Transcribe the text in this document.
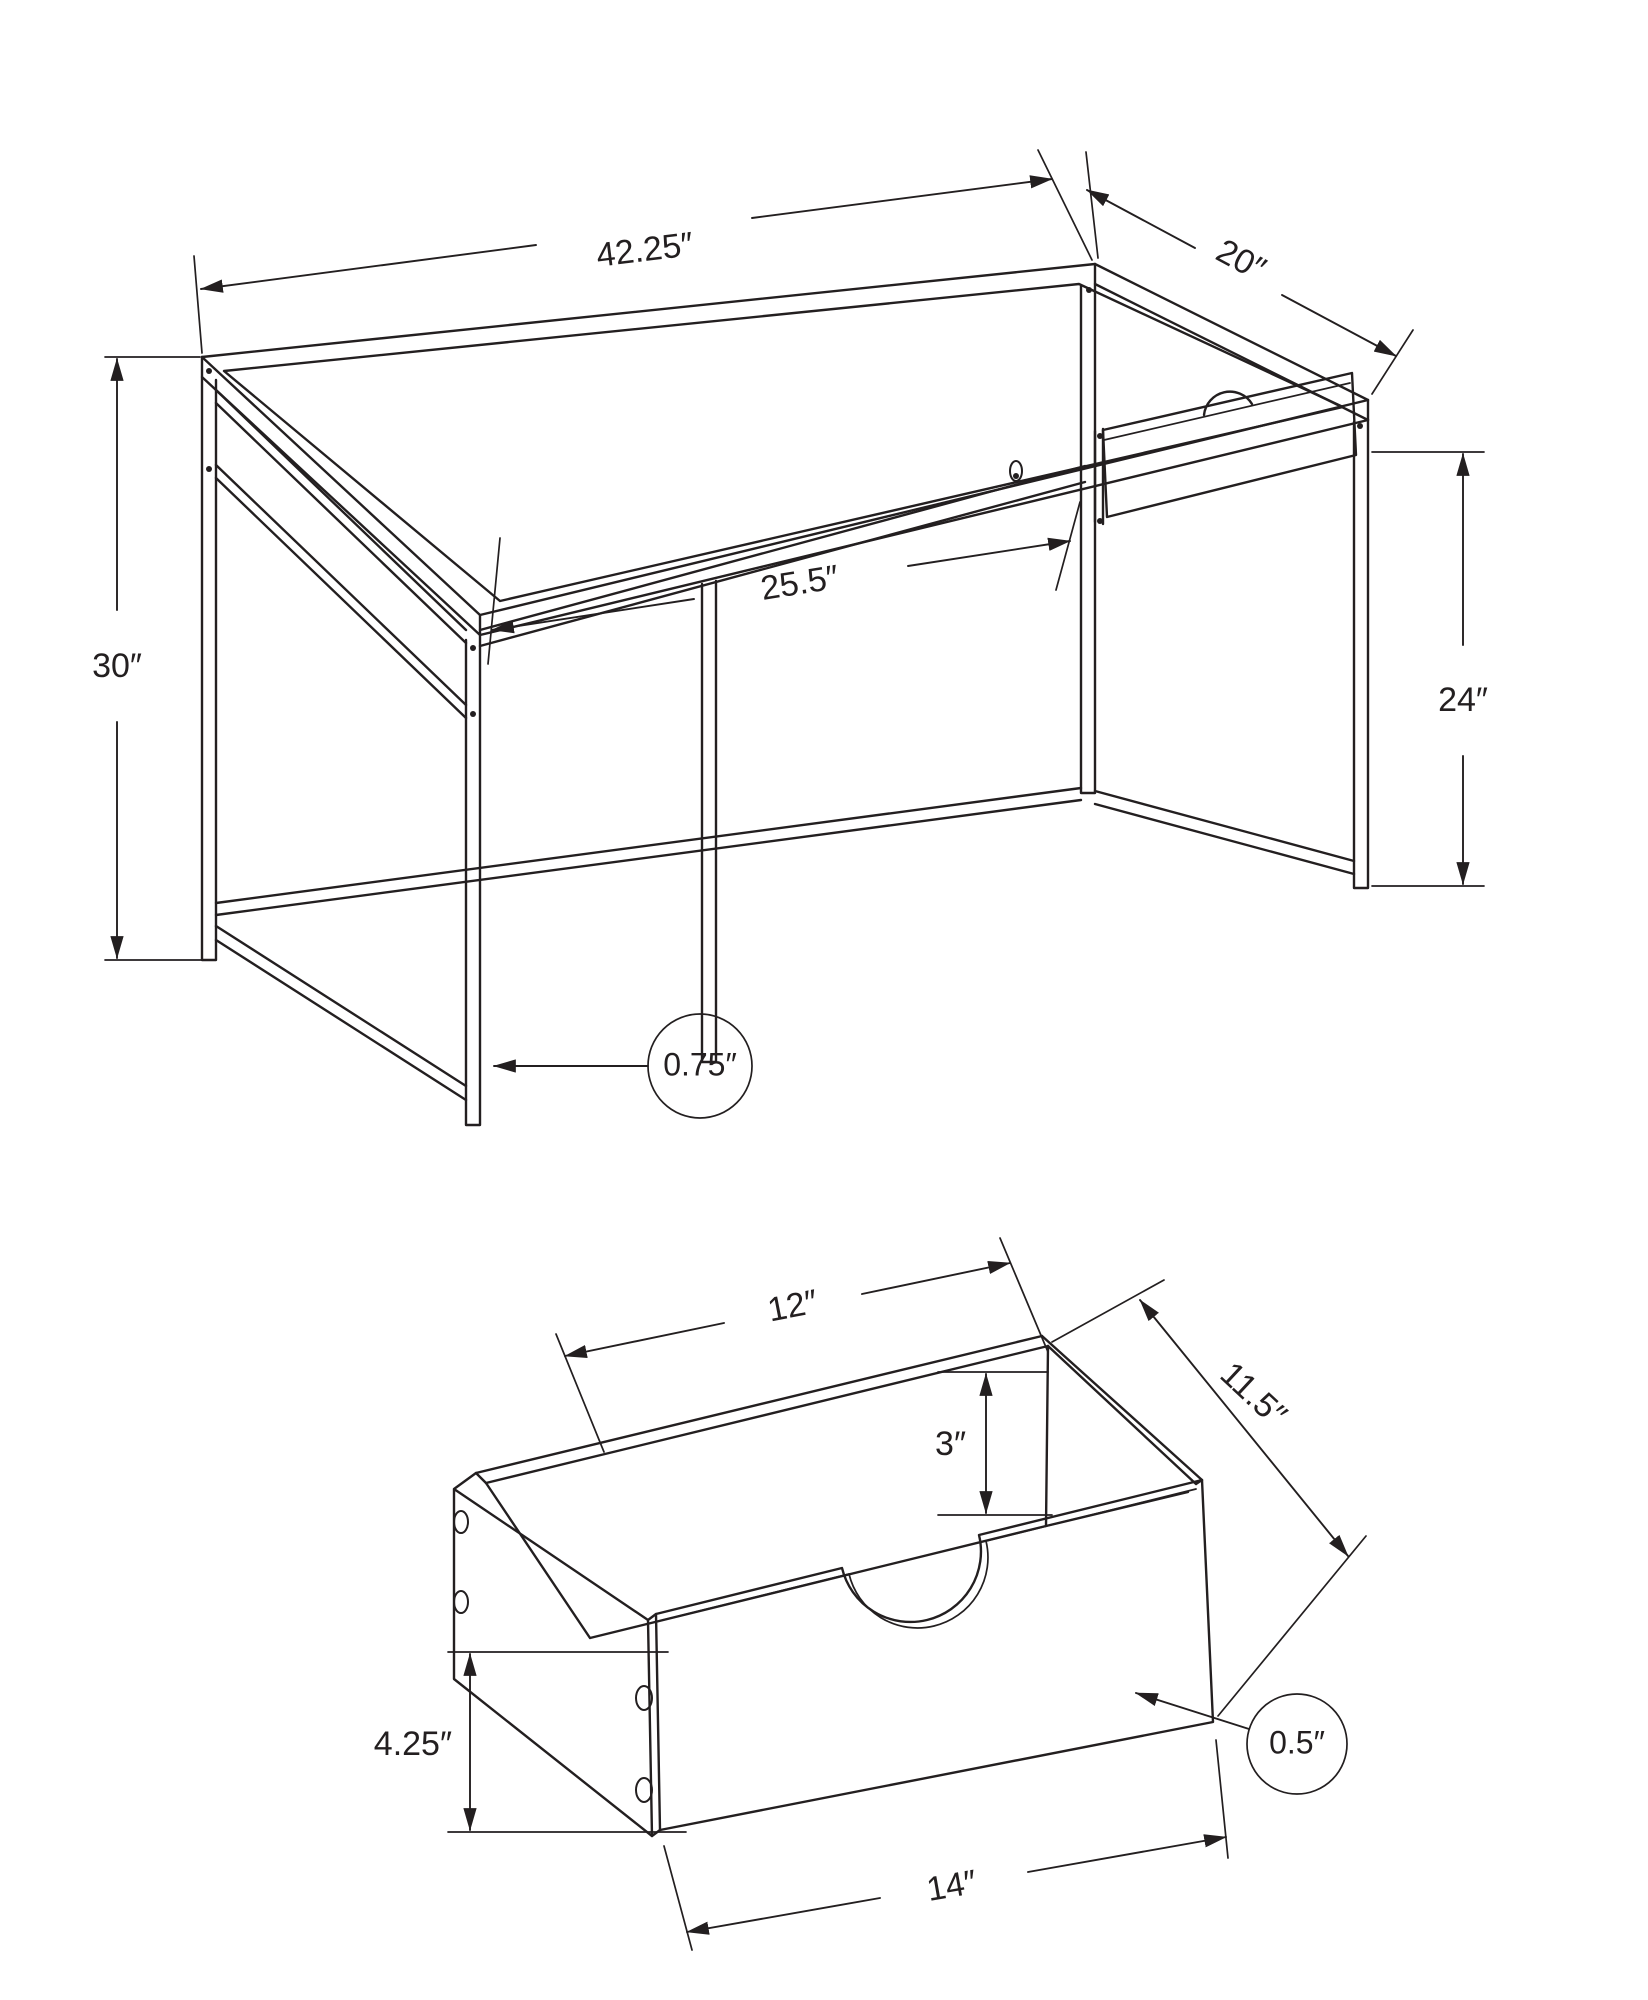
42.25″	20″
30″
25.5″
24″
0.75″
12″
3″
11.5″
4.25″	0.5″
14″
